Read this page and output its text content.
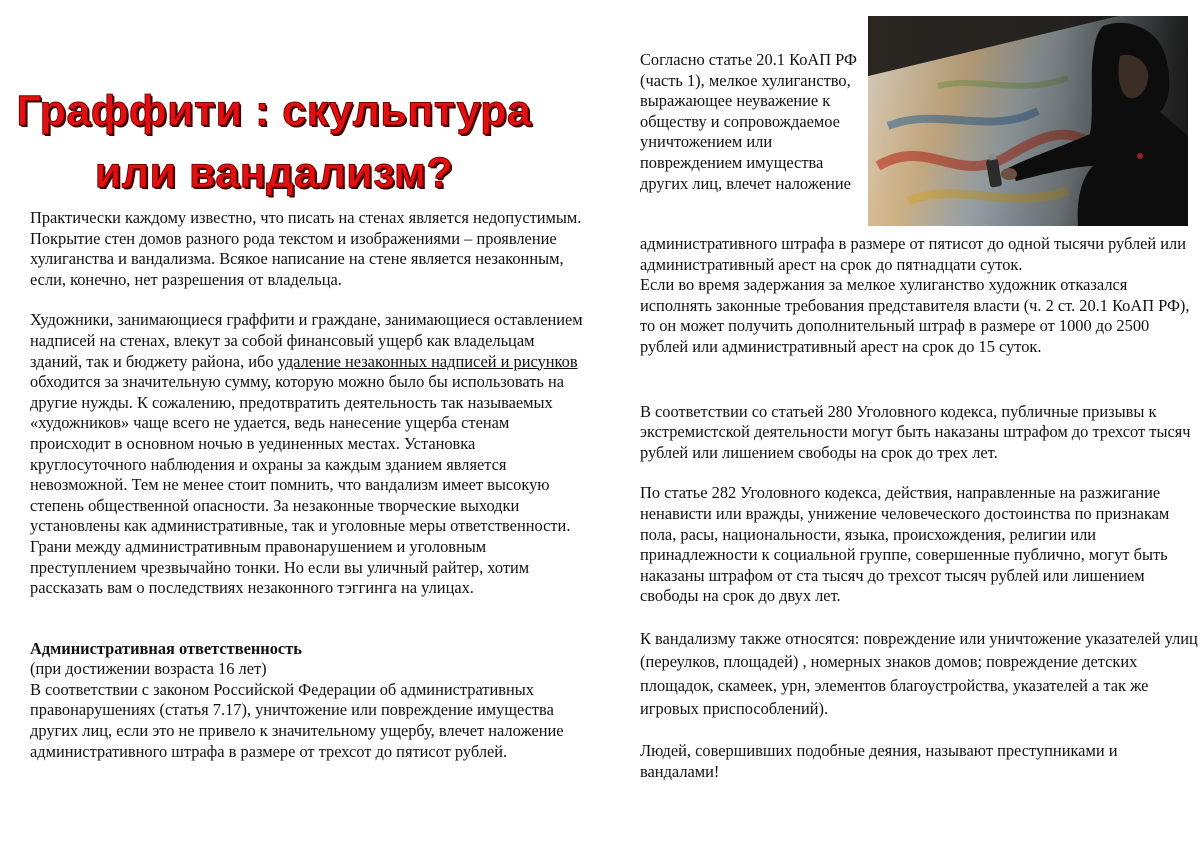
Граффити : скульптура
или вандализм?

Практически каждому известно, что писать на стенах является недопустимым. Покрытие стен домов разного рода текстом и изображениями – проявление хулиганства и вандализма. Всякое написание на стене является незаконным, если, конечно, нет разрешения от владельца.

Художники, занимающиеся граффити и граждане, занимающиеся оставлением надписей на стенах, влекут за собой финансовый ущерб как владельцам зданий, так и бюджету района, ибо удаление незаконных надписей и рисунков обходится за значительную сумму, которую можно было бы использовать на другие нужды. К сожалению, предотвратить деятельность так называемых «художников» чаще всего не удается, ведь нанесение ущерба стенам происходит в основном ночью в уединенных местах. Установка круглосуточного наблюдения и охраны за каждым зданием является невозможной. Тем не менее стоит помнить, что вандализм имеет высокую степень общественной опасности. За незаконные творческие выходки установлены как административные, так и уголовные меры ответственности. Грани между административным правонарушением и уголовным преступлением чрезвычайно тонки. Но если вы уличный райтер, хотим рассказать вам о последствиях незаконного тэггинга на улицах.

Административная ответственность

(при достижении возраста 16 лет)

В соответствии с законом Российской Федерации об административных правонарушениях (статья 7.17), уничтожение или повреждение имущества других лиц, если это не привело к значительному ущербу, влечет наложение административного штрафа в размере от трехсот до пятисот рублей.

Согласно статье 20.1 КоАП РФ (часть 1), мелкое хулиганство, выражающее неуважение к обществу и сопровождаемое уничтожением или повреждением имущества других лиц, влечет наложение

административного штрафа в размере от пятисот до одной тысячи рублей или административный арест на срок до пятнадцати суток.

Если во время задержания за мелкое хулиганство художник отказался исполнять законные требования представителя власти (ч. 2 ст. 20.1 КоАП РФ), то он может получить дополнительный штраф в размере от 1000 до 2500 рублей или административный арест на срок до 15 суток.

В соответствии со статьей 280 Уголовного кодекса, публичные призывы к экстремистской деятельности могут быть наказаны штрафом до трехсот тысяч рублей или лишением свободы на срок до трех лет.

По статье 282 Уголовного кодекса, действия, направленные на разжигание ненависти или вражды, унижение человеческого достоинства по признакам пола, расы, национальности, языка, происхождения, религии или принадлежности к социальной группе, совершенные публично, могут быть наказаны штрафом от ста тысяч до трехсот тысяч рублей или лишением свободы на срок до двух лет.

К вандализму также относятся: повреждение или уничтожение указателей улиц (переулков, площадей) , номерных знаков домов; повреждение детских площадок, скамеек, урн, элементов благоустройства, указателей а так же игровых приспособлений).

Людей, совершивших подобные деяния, называют преступниками и вандалами!
